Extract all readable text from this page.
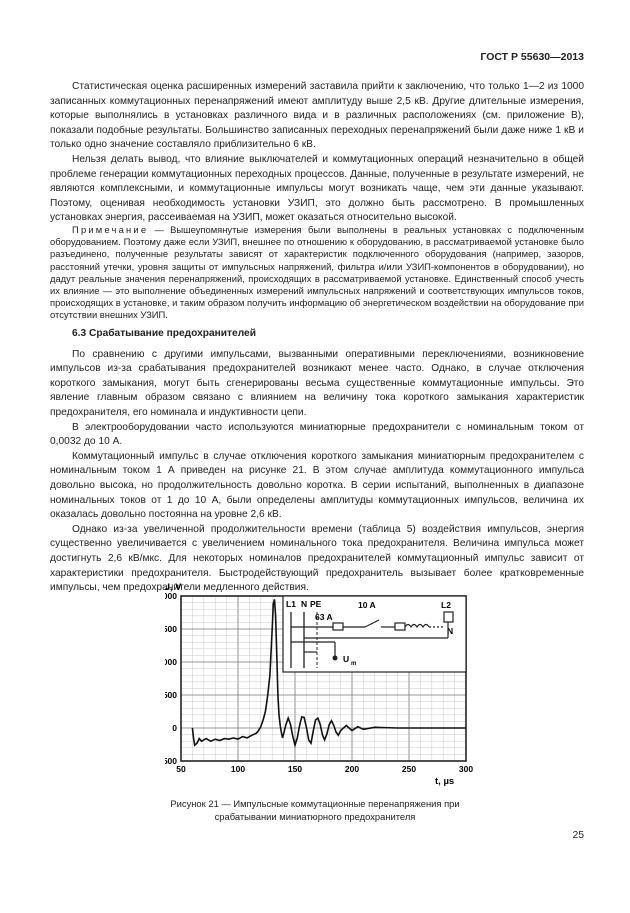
ГОСТ Р 55630—2013

Статистическая оценка расширенных измерений заставила прийти к заключению, что только 1—2 из 1000 записанных коммутационных перенапряжений имеют амплитуду выше 2,5 кВ. Другие длительные измерения, которые выполнялись в установках различного вида и в различных расположениях (см. приложение В), показали подобные результаты. Большинство записанных переходных перенапряжений были даже ниже 1 кВ и только одно значение составляло приблизительно 6 кВ.

Нельзя делать вывод, что влияние выключателей и коммутационных операций незначительно в общей проблеме генерации коммутационных переходных процессов. Данные, полученные в результате измерений, не являются комплексными, и коммутационные импульсы могут возникать чаще, чем эти данные указывают. Поэтому, оценивая необходимость установки УЗИП, это должно быть рассмотрено. В промышленных установках энергия, рассеиваемая на УЗИП, может оказаться относительно высокой.

Примечание — Вышеупомянутые измерения были выполнены в реальных установках с подключенным оборудованием. Поэтому даже если УЗИП, внешнее по отношению к оборудованию, в рассматриваемой установке было разъединено, полученные результаты зависят от характеристик подключенного оборудования (например, зазоров, расстояний утечки, уровня защиты от импульсных напряжений, фильтра и/или УЗИП-компонентов в оборудовании), но дадут реальные значения перенапряжений, происходящих в рассматриваемой установке. Единственный способ учесть их влияние — это выполнение объединенных измерений импульсных напряжений и соответствующих импульсов токов, происходящих в установке, и таким образом получить информацию об энергетическом воздействии на оборудование при отсутствии внешних УЗИП.

6.3 Срабатывание предохранителей

По сравнению с другими импульсами, вызванными оперативными переключениями, возникновение импульсов из-за срабатывания предохранителей возникают менее часто. Однако, в случае отключения короткого замыкания, могут быть сгенерированы весьма существенные коммутационные импульсы. Это явление главным образом связано с влиянием на величину тока короткого замыкания характеристик предохранителя, его номинала и индуктивности цепи.

В электрооборудовании часто используются миниатюрные предохранители с номинальным током от 0,0032 до 10 А.

Коммутационный импульс в случае отключения короткого замыкания миниатюрным предохранителем с номинальным током 1 А приведен на рисунке 21. В этом случае амплитуда коммутационного импульса довольно высока, но продолжительность довольно коротка. В серии испытаний, выполненных в диапазоне номинальных токов от 1 до 10 А, были определены амплитуды коммутационных импульсов, величина их оказалась довольно постоянна на уровне 2,6 кВ.

Однако из-за увеличенной продолжительности времени (таблица 5) воздействия импульсов, энергия существенно увеличивается с увеличением номинального тока предохранителя. Величина импульса может достигнуть 2,6 кВ/мкс. Для некоторых номиналов предохранителей коммутационный импульс зависит от характеристики предохранителя. Быстродействующий предохранитель вызывает более кратковременные импульсы, чем предохранители медленного действия.

500
0
500
000
500
000
50	100	150	200	250	300
U, V
t, µs
L1 N PE
63 A
10 A	L2
N
U m
Рисунок 21 — Импульсные коммутационные перенапряжения при срабатывании миниатюрного предохранителя
25
